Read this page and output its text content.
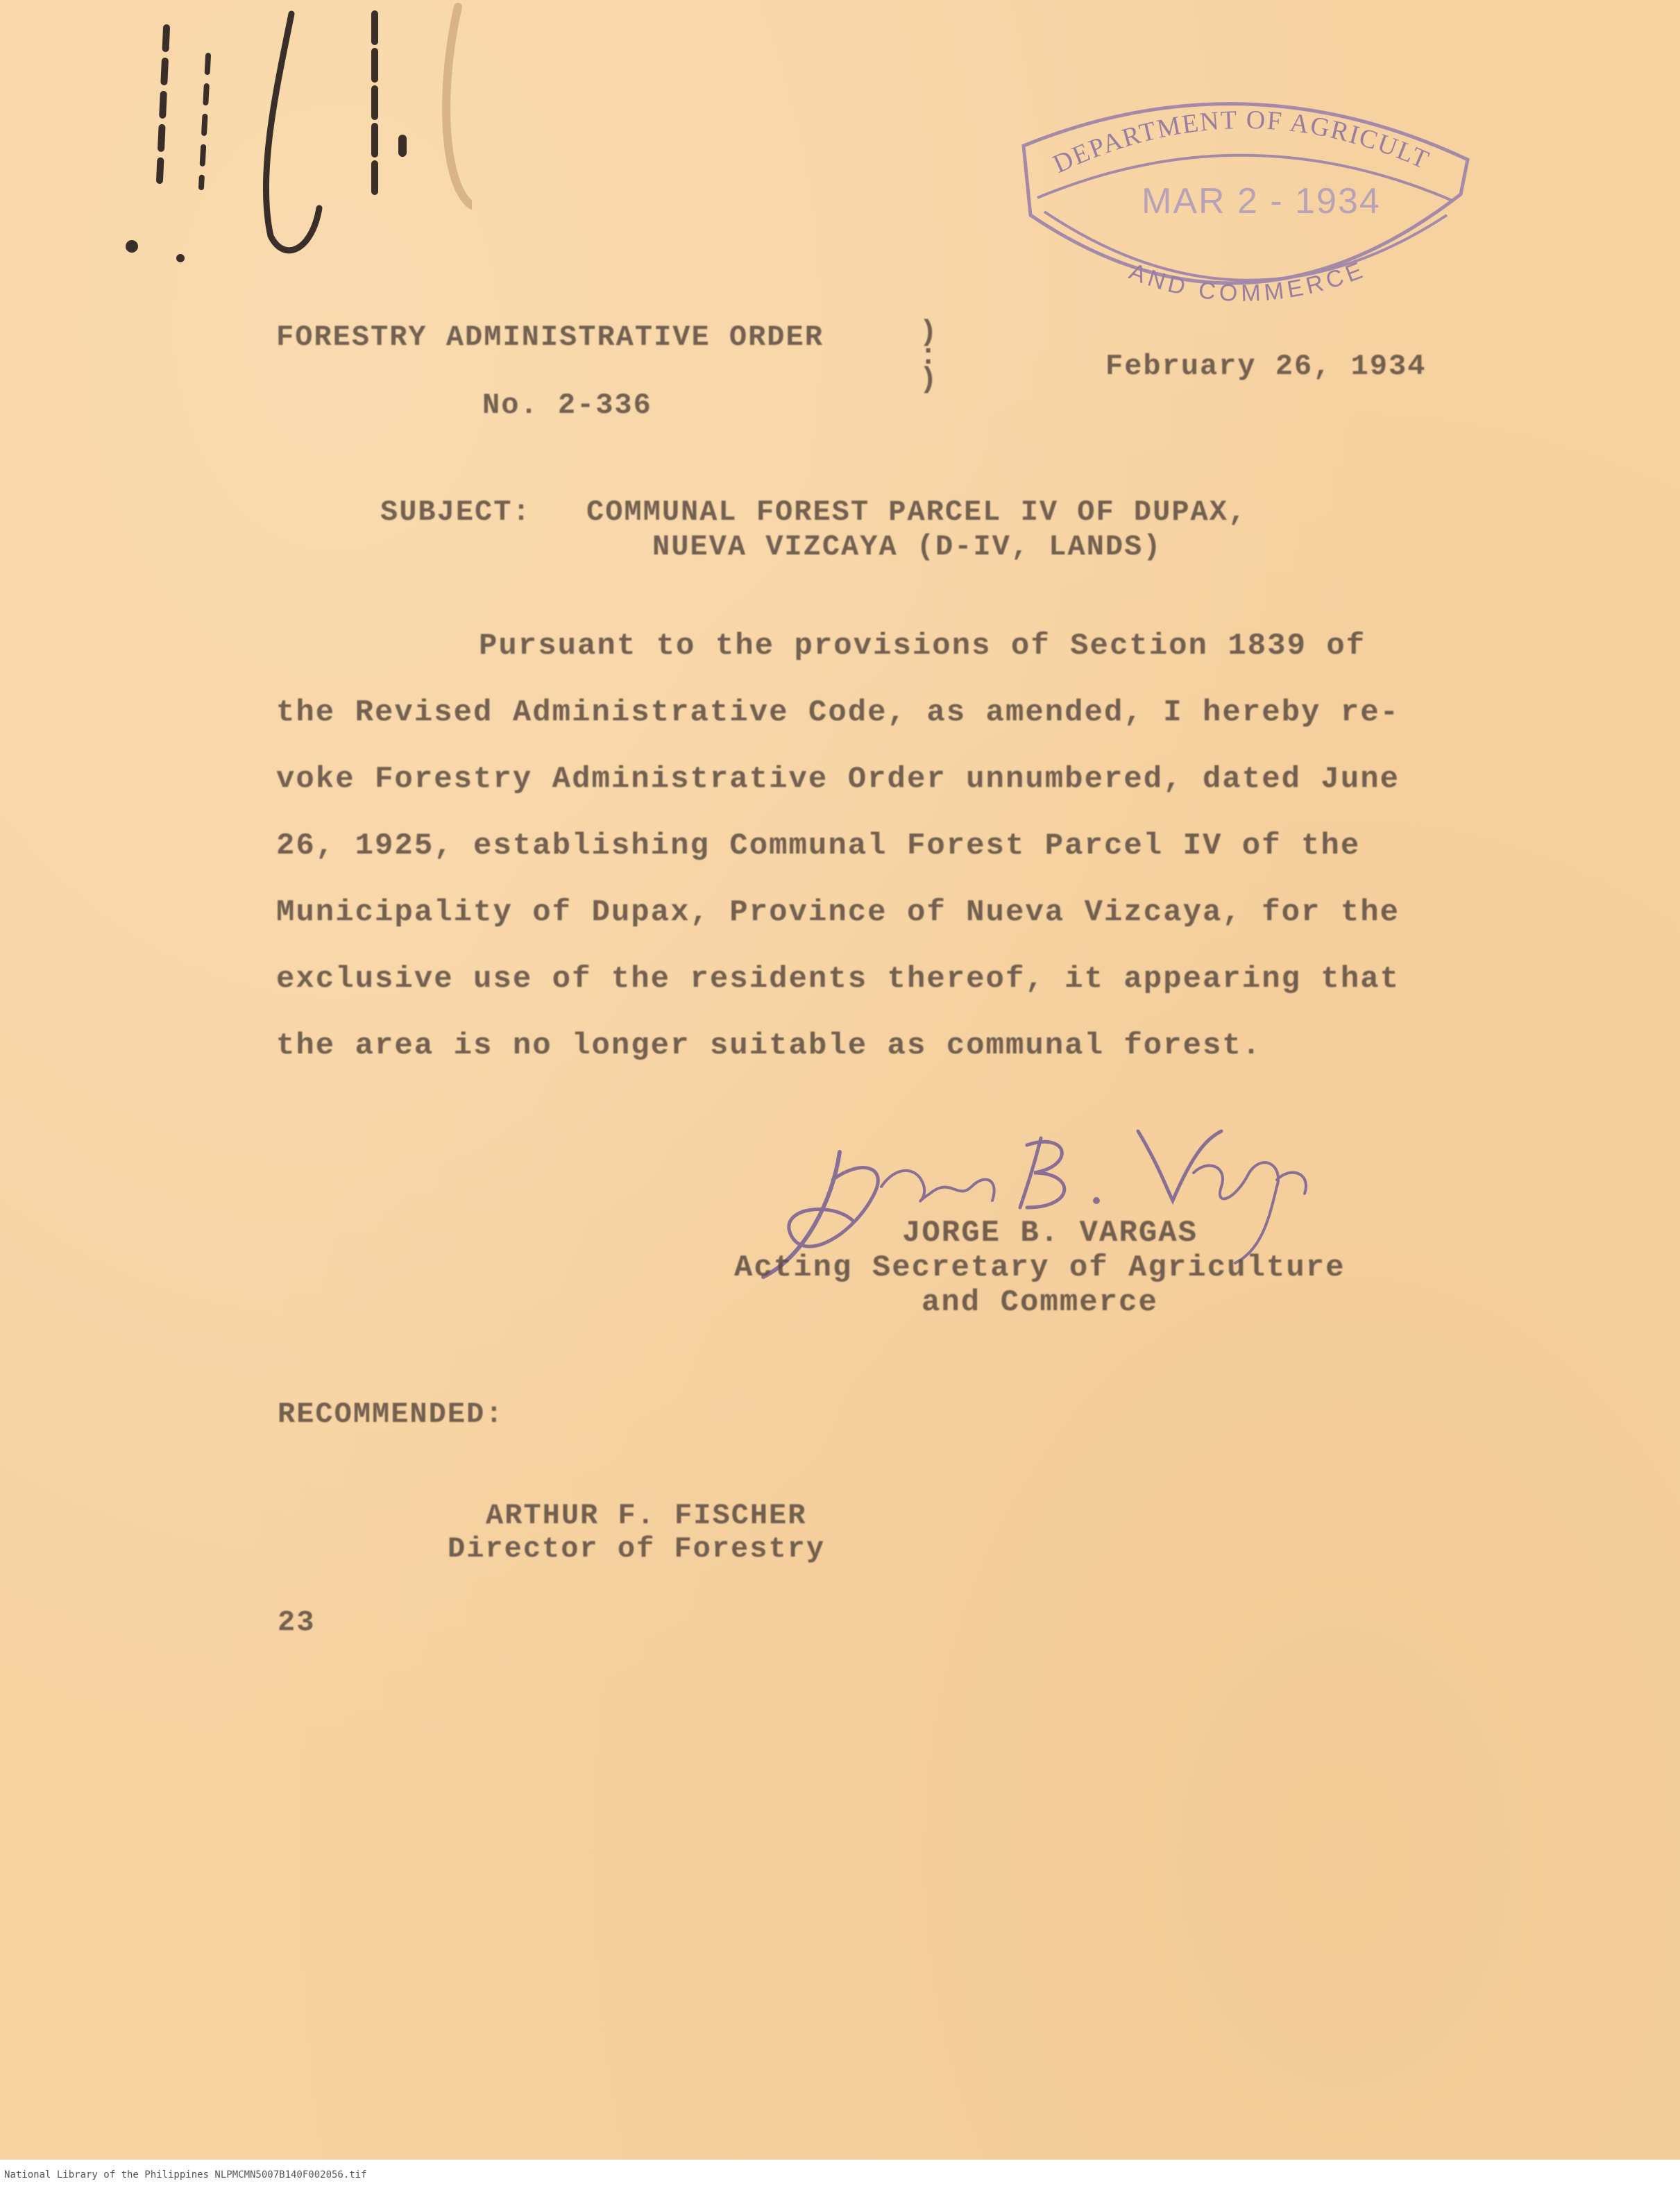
DEPARTMENT OF AGRICULT
AND COMMERCE
MAR 2 - 1934
FORESTRY ADMINISTRATIVE ORDER
No. 2-336
)
:
)	February 26, 1934
SUBJECT: COMMUNAL FOREST PARCEL IV OF DUPAX,
NUEVA VIZCAYA (D-IV, LANDS)
Pursuant to the provisions of Section 1839 of
the Revised Administrative Code, as amended, I hereby re-
voke Forestry Administrative Order unnumbered, dated June
26, 1925, establishing Communal Forest Parcel IV of the
Municipality of Dupax, Province of Nueva Vizcaya, for the
exclusive use of the residents thereof, it appearing that
the area is no longer suitable as communal forest.
JORGE B. VARGAS
Acting Secretary of Agriculture
and Commerce
RECOMMENDED:
ARTHUR F. FISCHER
Director of Forestry
23
National Library of the Philippines NLPMCMN5007B140F002056.tif
